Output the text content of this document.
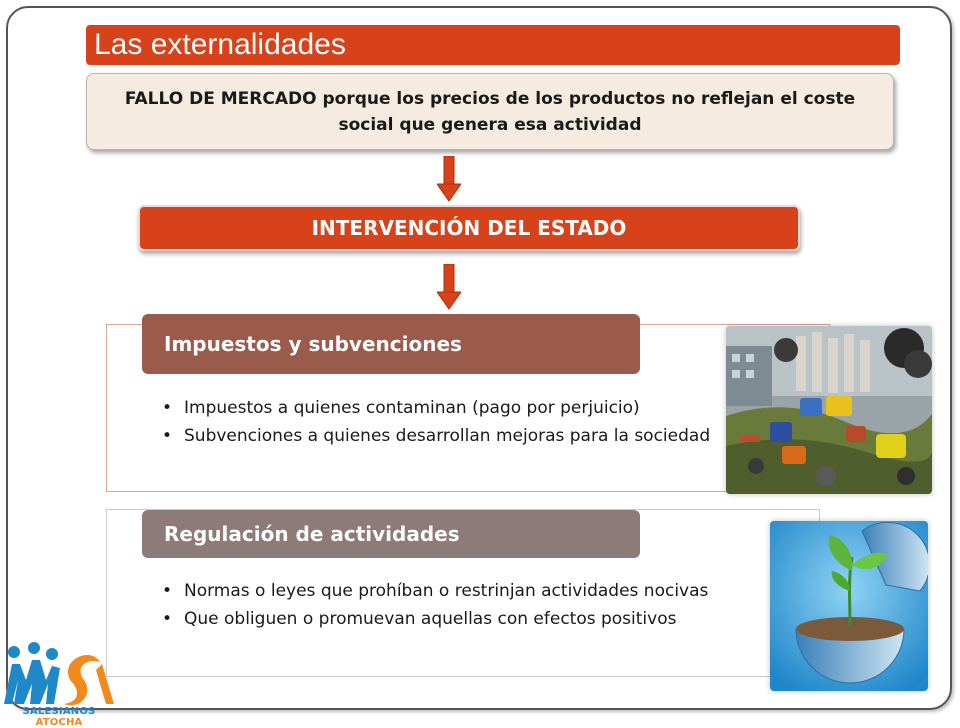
Las externalidades
FALLO DE MERCADO porque los precios de los productos no reflejan el coste social que genera esa actividad
INTERVENCIÓN DEL ESTADO
Impuestos y subvenciones
• Impuestos a quienes contaminan (pago por perjuicio)
• Subvenciones a quienes desarrollan mejoras para la sociedad
Regulación de actividades
• Normas o leyes que prohíban o restrinjan actividades nocivas
• Que obliguen o promuevan aquellas con efectos positivos
SALESIANOS ATOCHA
